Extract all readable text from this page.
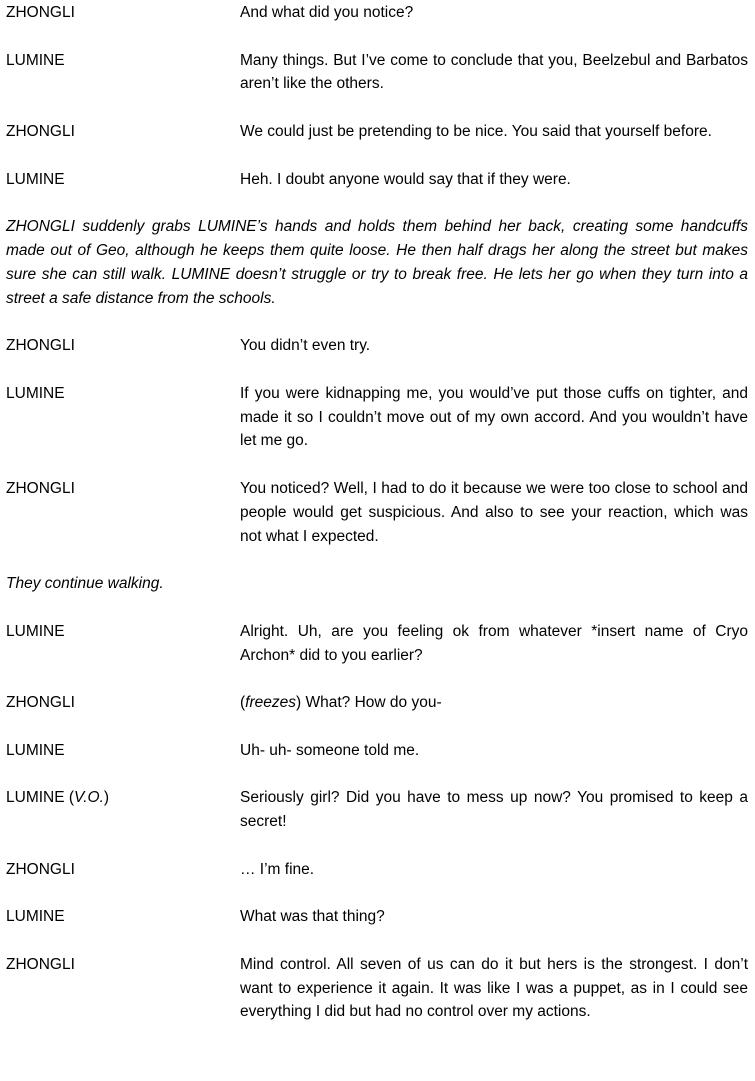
ZHONGLI	And what did you notice?
LUMINE	Many things. But I’ve come to conclude that you, Beelzebul and Barbatos aren’t like the others.
ZHONGLI	We could just be pretending to be nice. You said that yourself before.
LUMINE	Heh. I doubt anyone would say that if they were.
ZHONGLI suddenly grabs LUMINE’s hands and holds them behind her back, creating some handcuffs made out of Geo, although he keeps them quite loose. He then half drags her along the street but makes sure she can still walk. LUMINE doesn’t struggle or try to break free. He lets her go when they turn into a street a safe distance from the schools.
ZHONGLI	You didn’t even try.
LUMINE	If you were kidnapping me, you would’ve put those cuffs on tighter, and made it so I couldn’t move out of my own accord. And you wouldn’t have let me go.
ZHONGLI	You noticed? Well, I had to do it because we were too close to school and people would get suspicious. And also to see your reaction, which was not what I expected.
They continue walking.
LUMINE	Alright. Uh, are you feeling ok from whatever *insert name of Cryo Archon* did to you earlier?
ZHONGLI	(freezes) What? How do you-
LUMINE	Uh- uh- someone told me.
LUMINE (V.O.)	Seriously girl? Did you have to mess up now? You promised to keep a secret!
ZHONGLI	… I’m fine.
LUMINE	What was that thing?
ZHONGLI	Mind control. All seven of us can do it but hers is the strongest. I don’t want to experience it again. It was like I was a puppet, as in I could see everything I did but had no control over my actions.
